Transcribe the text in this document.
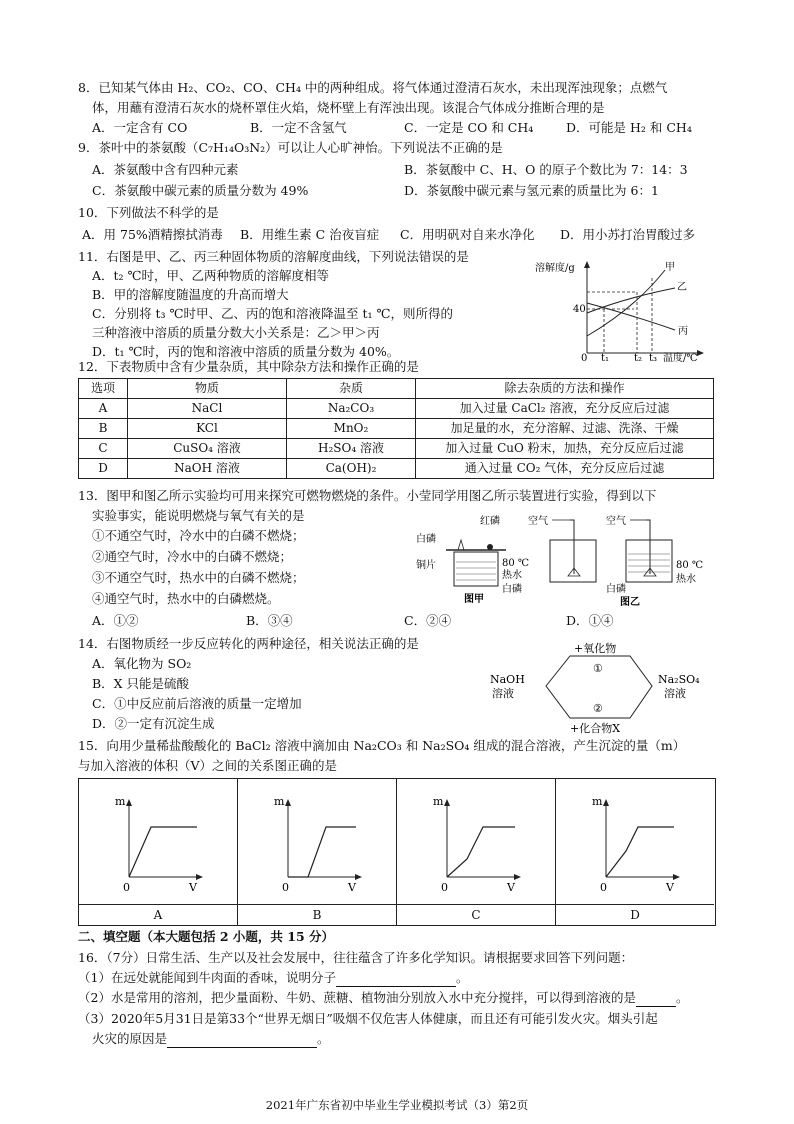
8．已知某气体由 H₂、CO₂、CO、CH₄ 中的两种组成。将气体通过澄清石灰水，未出现浑浊现象；点燃气
体，用蘸有澄清石灰水的烧杯罩住火焰，烧杯壁上有浑浊出现。该混合气体成分推断合理的是
A．一定含有 CO	B．一定不含氢气	C．一定是 CO 和 CH₄	D．可能是 H₂ 和 CH₄
9．茶叶中的茶氨酸（C₇H₁₄O₃N₂）可以让人心旷神怡。下列说法不正确的是
A．茶氨酸中含有四种元素	B．茶氨酸中 C、H、O 的原子个数比为 7：14：3
C．茶氨酸中碳元素的质量分数为 49%	D．茶氨酸中碳元素与氢元素的质量比为 6：1
10．下列做法不科学的是
A．用 75%酒精擦拭消毒 B．用维生素 C 治夜盲症 C．用明矾对自来水净化 D．用小苏打治胃酸过多
11．右图是甲、乙、丙三种固体物质的溶解度曲线，下列说法错误的是
A．t₂ ℃时，甲、乙两种物质的溶解度相等
B．甲的溶解度随温度的升高而增大
C．分别将 t₃ ℃时甲、乙、丙的饱和溶液降温至 t₁ ℃，则所得的
三种溶液中溶质的质量分数大小关系是：乙＞甲＞丙
D．t₁ ℃时，丙的饱和溶液中溶质的质量分数为 40%。
溶解度/g
温度/℃
0
40
t₁ t₂ t₃
甲
乙
丙
12．下表物质中含有少量杂质，其中除杂方法和操作正确的是
选项	物质	杂质	除去杂质的方法和操作
A	NaCl	Na₂CO₃	加入过量 CaCl₂ 溶液，充分反应后过滤
B	KCl	MnO₂	加足量的水，充分溶解、过滤、洗涤、干燥
C	CuSO₄ 溶液	H₂SO₄ 溶液	加入过量 CuO 粉末，加热，充分反应后过滤
D	NaOH 溶液	Ca(OH)₂	通入过量 CO₂ 气体，充分反应后过滤
13．图甲和图乙所示实验均可用来探究可燃物燃烧的条件。小莹同学用图乙所示装置进行实验，得到以下
实验事实，能说明燃烧与氧气有关的是
①不通空气时，冷水中的白磷不燃烧；
②通空气时，冷水中的白磷不燃烧；
③不通空气时，热水中的白磷不燃烧；
④通空气时，热水中的白磷燃烧。
A．①②	B．③④	C．②④	D．①④
白磷
红磷
铜片	80 ℃
热水
白磷
图甲
空气	空气
白磷
80 ℃
热水
图乙
14．右图物质经一步反应转化的两种途径，相关说法正确的是
A．氧化物为 SO₂
B．X 只能是硫酸
C．①中反应前后溶液的质量一定增加
D．②一定有沉淀生成
NaOH
溶液
Na₂SO₄
溶液
+氧化物
①
②
+化合物X
15．向用少量稀盐酸酸化的 BaCl₂ 溶液中滴加由 Na₂CO₃ 和 Na₂SO₄ 组成的混合溶液，产生沉淀的量（m）
与加入溶液的体积（V）之间的关系图正确的是
m
V
0
A
m
V
0
B
m
V
0
C
m
V
0
D
二、填空题（本大题包括 2 小题，共 15 分）
16．（7分）日常生活、生产以及社会发展中，往往蕴含了许多化学知识。请根据要求回答下列问题：
（1）在远处就能闻到牛肉面的香味，说明分子	。
（2）水是常用的溶剂，把少量面粉、牛奶、蔗糖、植物油分别放入水中充分搅拌，可以得到溶液的是	。
（3）2020年5月31日是第33个“世界无烟日”吸烟不仅危害人体健康，而且还有可能引发火灾。烟头引起
火灾的原因是	。
2021年广东省初中毕业生学业模拟考试（3）第2页
